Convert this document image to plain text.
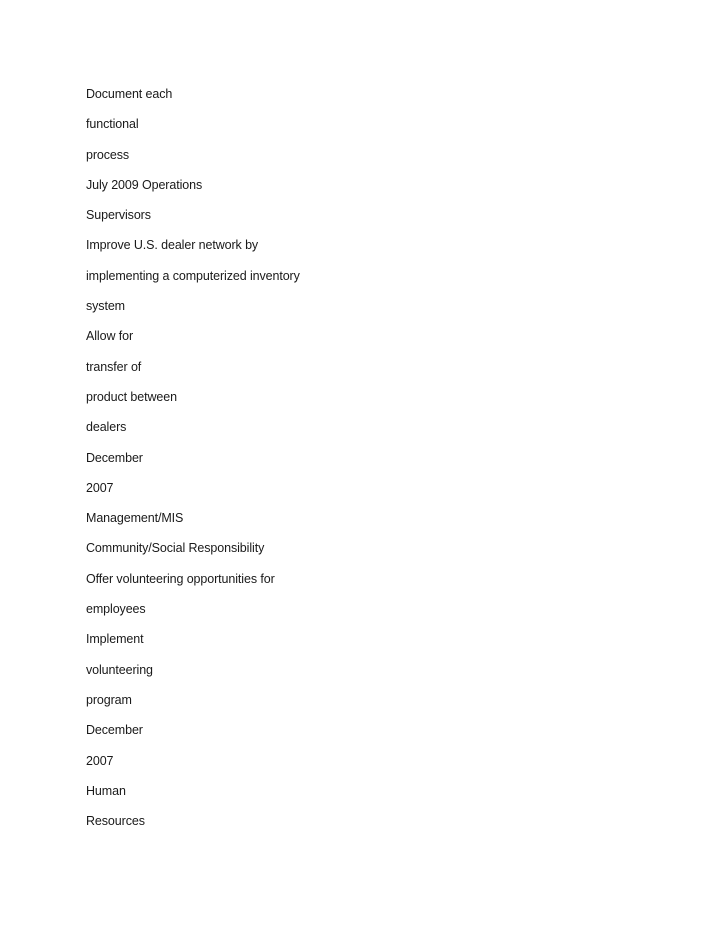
Document each
functional
process
July 2009 Operations
Supervisors
Improve U.S. dealer network by
implementing a computerized inventory
system
Allow for
transfer of
product between
dealers
December
2007
Management/MIS
Community/Social Responsibility
Offer volunteering opportunities for
employees
Implement
volunteering
program
December
2007
Human
Resources
